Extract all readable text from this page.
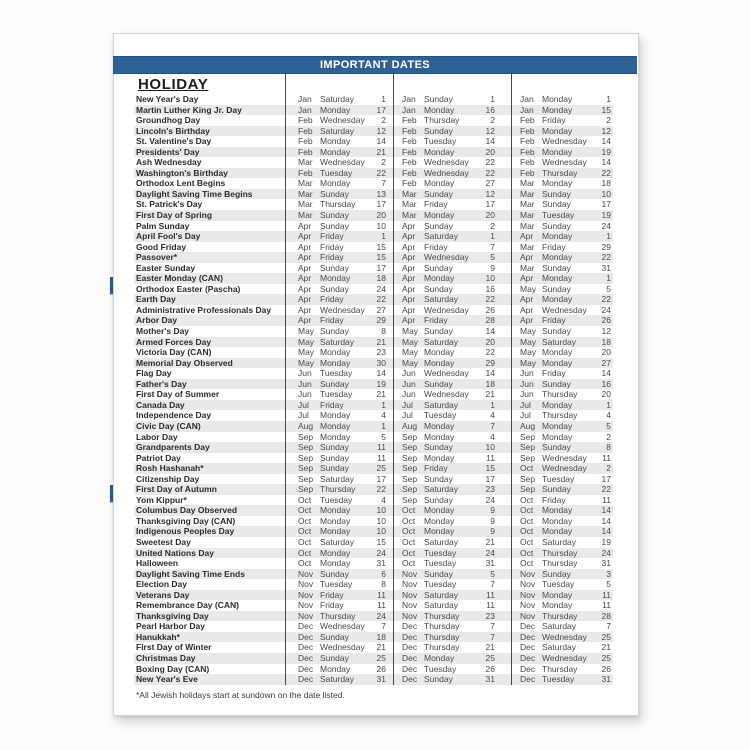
IMPORTANT DATES
HOLIDAY
New Year's Day	Jan Saturday	1 Jan Sunday	1	Jan Monday	1
Martin Luther King Jr. Day	Jan Monday	17 Jan Monday	16	Jan Monday	15
Groundhog Day	Feb Wednesday	2 Feb Thursday	2	Feb Friday	2
Lincoln's Birthday	Feb Saturday	12 Feb Sunday	12	Feb Monday	12
St. Valentine's Day	Feb Monday	14 Feb Tuesday	14	Feb Wednesday	14
Presidents' Day	Feb Monday	21 Feb Monday	20	Feb Monday	19
Ash Wednesday	Mar Wednesday	2 Feb Wednesday	22	Feb Wednesday	14
Washington's Birthday	Feb Tuesday	22 Feb Wednesday	22	Feb Thursday	22
Orthodox Lent Begins	Mar Monday	7 Feb Monday	27	Mar Monday	18
Daylight Saving Time Begins	Mar Sunday	13 Mar Sunday	12	Mar Sunday	10
St. Patrick's Day	Mar Thursday	17 Mar Friday	17	Mar Sunday	17
First Day of Spring	Mar Sunday	20 Mar Monday	20	Mar Tuesday	19
Palm Sunday	Apr	Sunday	10 Apr	Sunday	2	Mar Sunday	24
April Fool's Day	Apr	Friday	1 Apr	Saturday	1	Apr	Monday	1
Good Friday	Apr	Friday	15 Apr	Friday	7	Mar Friday	29
Passover*	Apr	Friday	15 Apr	Wednesday	5	Apr	Monday	22
Easter Sunday	Apr	Sunday	17 Apr	Sunday	9	Mar Sunday	31
Easter Monday (CAN)	Apr	Monday	18 Apr	Monday	10	Apr	Monday	1
Orthodox Easter (Pascha)	Apr	Sunday	24 Apr	Sunday	16	May Sunday	5
Earth Day	Apr	Friday	22 Apr	Saturday	22	Apr	Monday	22
Administrative Professionals Day	Apr	Wednesday	27 Apr	Wednesday	26	Apr	Wednesday	24
Arbor Day	Apr	Friday	29 Apr	Friday	28	Apr	Friday	26
Mother's Day	May Sunday	8 May Sunday	14	May Sunday	12
Armed Forces Day	May Saturday	21 May Saturday	20	May Saturday	18
Victoria Day (CAN)	May Monday	23 May Monday	22	May Monday	20
Memorial Day Observed	May Monday	30 May Monday	29	May Monday	27
Flag Day	Jun Tuesday	14 Jun Wednesday	14	Jun Friday	14
Father's Day	Jun Sunday	19 Jun Sunday	18	Jun Sunday	16
First Day of Summer	Jun Tuesday	21 Jun Wednesday	21	Jun Thursday	20
Canada Day	Jul	Friday	1 Jul	Saturday	1	Jul	Monday	1
Independence Day	Jul	Monday	4 Jul	Tuesday	4	Jul	Thursday	4
Civic Day (CAN)	Aug Monday	1 Aug Monday	7	Aug Monday	5
Labor Day	Sep Monday	5 Sep Monday	4	Sep Monday	2
Grandparents Day	Sep Sunday	11 Sep Sunday	10	Sep Sunday	8
Patriot Day	Sep Sunday	11 Sep Monday	11	Sep Wednesday	11
Rosh Hashanah*	Sep Sunday	25 Sep Friday	15	Oct	Wednesday	2
Citizenship Day	Sep Saturday	17 Sep Sunday	17	Sep Tuesday	17
First Day of Autumn	Sep Thursday	22 Sep Saturday	23	Sep Sunday	22
Yom Kippur*	Oct	Tuesday	4 Sep Sunday	24	Oct	Friday	11
Columbus Day Observed	Oct	Monday	10 Oct	Monday	9	Oct	Monday	14
Thanksgiving Day (CAN)	Oct	Monday	10 Oct	Monday	9	Oct	Monday	14
Indigenous Peoples Day	Oct	Monday	10 Oct	Monday	9	Oct	Monday	14
Sweetest Day	Oct	Saturday	15 Oct	Saturday	21	Oct	Saturday	19
United Nations Day	Oct	Monday	24 Oct	Tuesday	24	Oct	Thursday	24
Halloween	Oct	Monday	31 Oct	Tuesday	31	Oct	Thursday	31
Daylight Saving Time Ends	Nov Sunday	6 Nov Sunday	5	Nov Sunday	3
Election Day	Nov Tuesday	8 Nov Tuesday	7	Nov Tuesday	5
Veterans Day	Nov Friday	11 Nov Saturday	11	Nov Monday	11
Remembrance Day (CAN)	Nov Friday	11 Nov Saturday	11	Nov Monday	11
Thanksgiving Day	Nov Thursday	24 Nov Thursday	23	Nov Thursday	28
Pearl Harbor Day	Dec Wednesday	7 Dec Thursday	7	Dec Saturday	7
Hanukkah*	Dec Sunday	18 Dec Thursday	7	Dec Wednesday	25
First Day of Winter	Dec Wednesday	21 Dec Thursday	21	Dec Saturday	21
Christmas Day	Dec Sunday	25 Dec Monday	25	Dec Wednesday	25
Boxing Day (CAN)	Dec Monday	26 Dec Tuesday	26	Dec Thursday	26
New Year's Eve	Dec Saturday	31 Dec Sunday	31	Dec Tuesday	31
*All Jewish holidays start at sundown on the date listed.
